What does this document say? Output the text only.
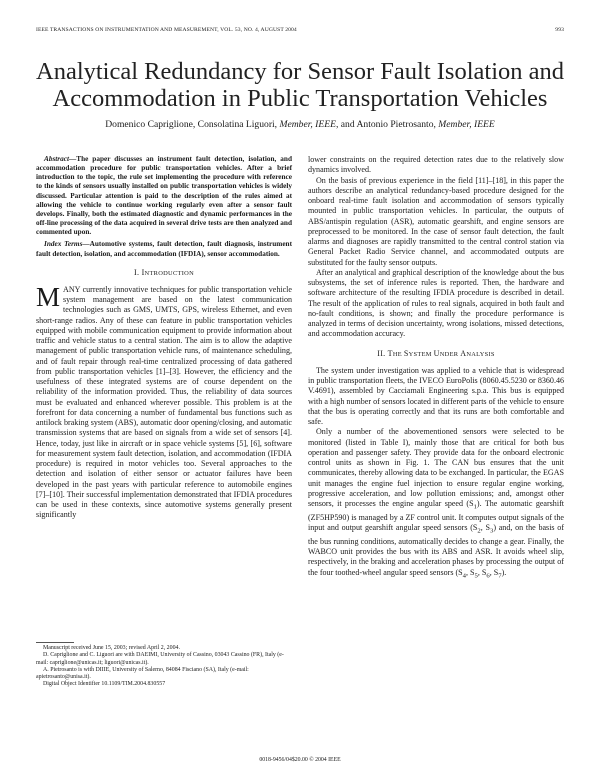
IEEE TRANSACTIONS ON INSTRUMENTATION AND MEASUREMENT, VOL. 53, NO. 4, AUGUST 2004	993
Analytical Redundancy for Sensor Fault Isolation and Accommodation in Public Transportation Vehicles
Domenico Capriglione, Consolatina Liguori, Member, IEEE, and Antonio Pietrosanto, Member, IEEE

Abstract—The paper discusses an instrument fault detection, isolation, and accommodation procedure for public transportation vehicles. After a brief introduction to the topic, the rule set implementing the procedure with reference to the kinds of sensors usually installed on public transportation vehicles is widely discussed. Particular attention is paid to the description of the rules aimed at allowing the vehicle to continue working regularly even after a sensor fault develops. Finally, both the estimated diagnostic and dynamic performances in the off-line processing of the data acquired in several drive tests are then analyzed and commented upon.

Index Terms—Automotive systems, fault detection, fault diagnosis, instrument fault detection, isolation, and accommodation (IFDIA), sensor accommodation.

I. INTRODUCTION

MANY currently innovative techniques for public transportation vehicle system management are based on the latest communication technologies such as GMS, UMTS, GPS, wireless Ethernet, and even short-range radios. Any of these can feature in public transportation vehicles equipped with mobile communication equipment to provide information about traffic and vehicle status to a central station. The aim is to allow the adaptive management of public transportation vehicle runs, of maintenance scheduling, and of fault repair through real-time centralized processing of data gathered from public transportation vehicles [1]–[3]. However, the efficiency and the usefulness of these integrated systems are of course dependent on the reliability of the information provided. Thus, the reliability of data sources must be evaluated and enhanced wherever possible. This problem is at the forefront for data concerning a number of fundamental bus functions such as antilock braking system (ABS), automatic door opening/closing, and automatic transmission systems that are based on signals from a wide set of sensors [4]. Hence, today, just like in aircraft or in space vehicle systems [5], [6], software for measurement system fault detection, isolation, and accommodation (IFDIA procedure) is required in motor vehicles too. Several approaches to the detection and isolation of either sensor or actuator failures have been developed in the past years with particular reference to automobile engines [7]–[10]. Their successful implementation demonstrated that IFDIA procedures can be used in these contexts, since automotive systems generally present significantly

lower constraints on the required detection rates due to the relatively slow dynamics involved.

On the basis of previous experience in the field [11]–[18], in this paper the authors describe an analytical redundancy-based procedure designed for the onboard real-time fault isolation and accommodation of sensors typically mounted in public transportation vehicles. In particular, the outputs of ABS/antispin regulation (ASR), automatic gearshift, and engine sensors are preprocessed to be monitored. In the case of sensor fault detection, the fault alarms and diagnoses are rapidly transmitted to the central control station via General Packet Radio Service channel, and accommodated outputs are substituted for the faulty sensor outputs.

After an analytical and graphical description of the knowledge about the bus subsystems, the set of inference rules is reported. Then, the hardware and software architecture of the resulting IFDIA procedure is described in detail. The result of the application of rules to real signals, acquired in both fault and no-fault conditions, is shown; and finally the procedure performance is analyzed in terms of decision uncertainty, wrong isolations, missed detections, and accommodation accuracy.

II. THE SYSTEM UNDER ANALYSIS

The system under investigation was applied to a vehicle that is widespread in public transportation fleets, the IVECO EuroPolis (8060.45.5230 or 8360.46 V.4691), assembled by Cacciamali Engineering s.p.a. This bus is equipped with a high number of sensors located in different parts of the vehicle to ensure that the bus is operating correctly and that its runs are both comfortable and safe.

Only a number of the abovementioned sensors were selected to be monitored (listed in Table I), mainly those that are critical for both bus operation and passenger safety. They provide data for the onboard electronic control units as shown in Fig. 1. The CAN bus ensures that the unit communicates, thereby allowing data to be exchanged. In particular, the EGAS unit manages the engine fuel injection to ensure regular engine working, progressive acceleration, and low pollution emissions; and, amongst other sensors, it processes the engine angular speed $(S_1)$. The automatic gearshift (ZF5HP590) is managed by a ZF control unit. It computes output signals of the input and output gearshift angular speed sensors ($S_2$, $S_3$) and, on the basis of the bus running conditions, automatically decides to change a gear. Finally, the WABCO unit provides the bus with its ABS and ASR. It avoids wheel slip, respectively, in the braking and acceleration phases by processing the output of the four toothed-wheel angular speed sensors ($S_4$, $S_5$, $S_6$, $S_7$).

Manuscript received June 15, 2003; revised April 2, 2004.

D. Capriglione and C. Liguori are with DAEIMI, University of Cassino, 03043 Cassino (FR), Italy (e-mail: capriglione@unicas.it; liguori@unicas.it).

A. Pietrosanto is with DIIIE, University of Salerno, 84084 Fisciano (SA), Italy (e-mail: apietrosanto@unisa.it).

Digital Object Identifier 10.1109/TIM.2004.830557

0018-9456/04$20.00 © 2004 IEEE
